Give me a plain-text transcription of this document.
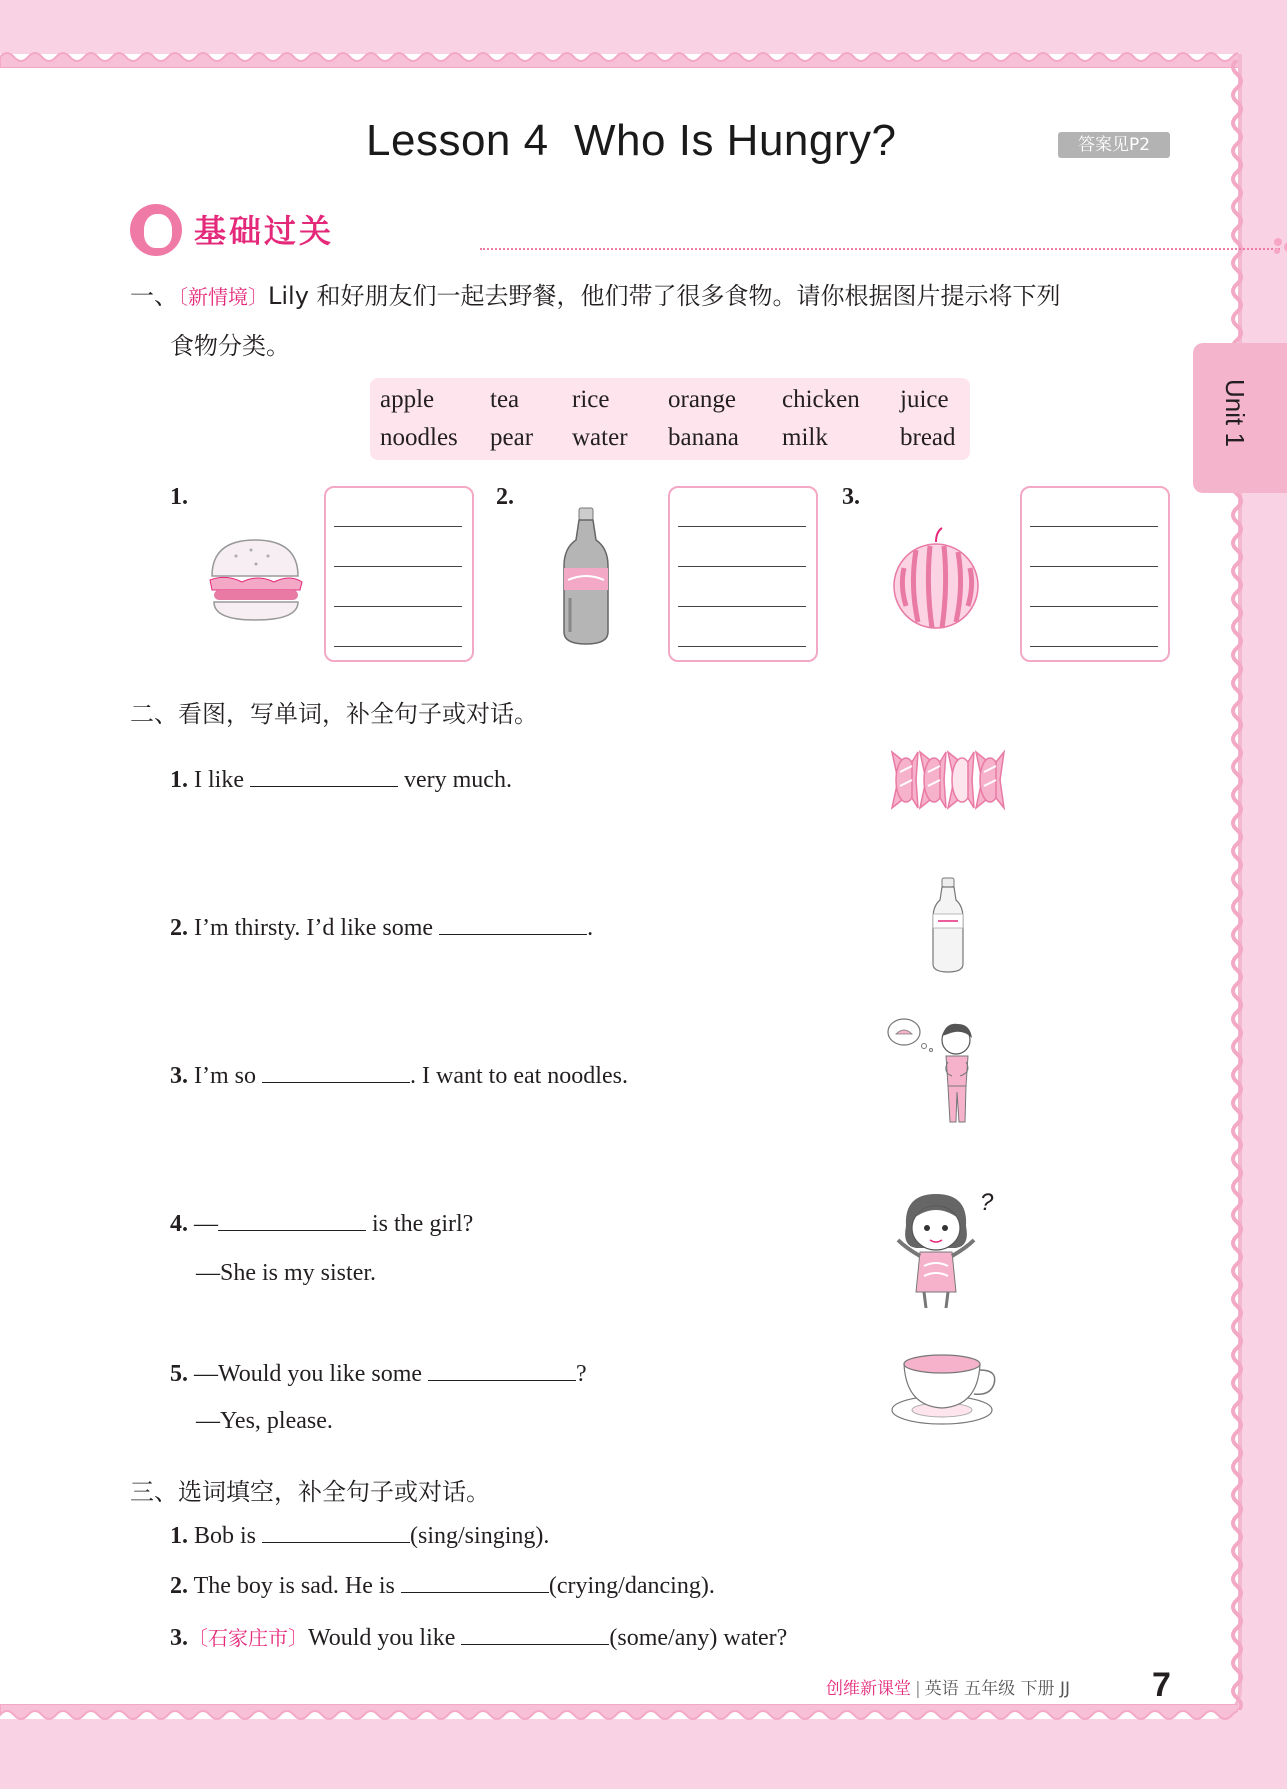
Lesson 4  Who Is Hungry?	答案见P2
Unit 1
基础过关
一、〔新情境〕Lily 和好朋友们一起去野餐，他们带了很多食物。请你根据图片提示将下列
食物分类。
apple tea rice orange chicken juice
noodles pear water banana milk	bread
1.	2.	3.
二、看图，写单词，补全句子或对话。
1. I like	very much.
2. I’m thirsty. I’d like some	.
3. I’m so	. I want to eat noodles.
4. —	is the girl?
—She is my sister.
?
5. —Would you like some	?
—Yes, please.
三、选词填空，补全句子或对话。
1. Bob is	(sing/singing).
2. The boy is sad. He is	(crying/dancing).
3.〔石家庄市〕Would you like	(some/any) water?
创维新课堂 | 英语 五年级 下册 JJ 7
